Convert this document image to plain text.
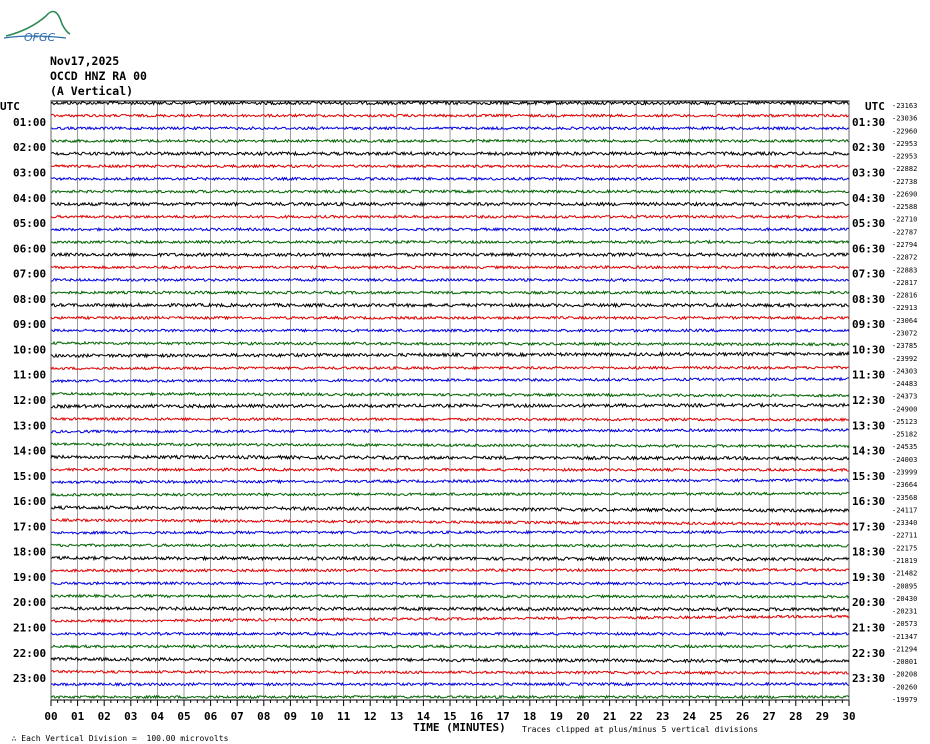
OFGC
Nov17,2025
OCCD HNZ RA 00
(A Vertical)
UTC	UTC
01:00
02:00
03:00
04:00
05:00
06:00
07:00
08:00
09:00
10:00
11:00
12:00
13:00
14:00
15:00
16:00
17:00
18:00
19:00
20:00
21:00
22:00
23:00
01:30
02:30
03:30
04:30
05:30
06:30
07:30
08:30
09:30
10:30
11:30
12:30
13:30
14:30
15:30
16:30
17:30
18:30
19:30
20:30
21:30
22:30
23:30
-23163
-23036
-22960
-22953
-22953
-22882
-22738
-22690
-22588
-22710
-22787
-22794
-22872
-22883
-22817
-22816
-22913
-23064
-23072
-23785
-23992
-24303
-24483
-24373
-24900
-25123
-25182
-24535
-24003
-23999
-23664
-23568
-24117
-23340
-22711
-22175
-21819
-21482
-20895
-20430
-20231
-20573
-21347
-21294
-20801
-20208
-20260
-19979
00 01 02 03 04 05 06 07 08 09 10 11 12 13 14 15 16 17 18 19 20 21 22 23 24 25 26 27 28 29 30
TIME (MINUTES)

∴ Each Vertical Division =  100.00 microvolts

Traces clipped at plus/minus 5 vertical divisions
